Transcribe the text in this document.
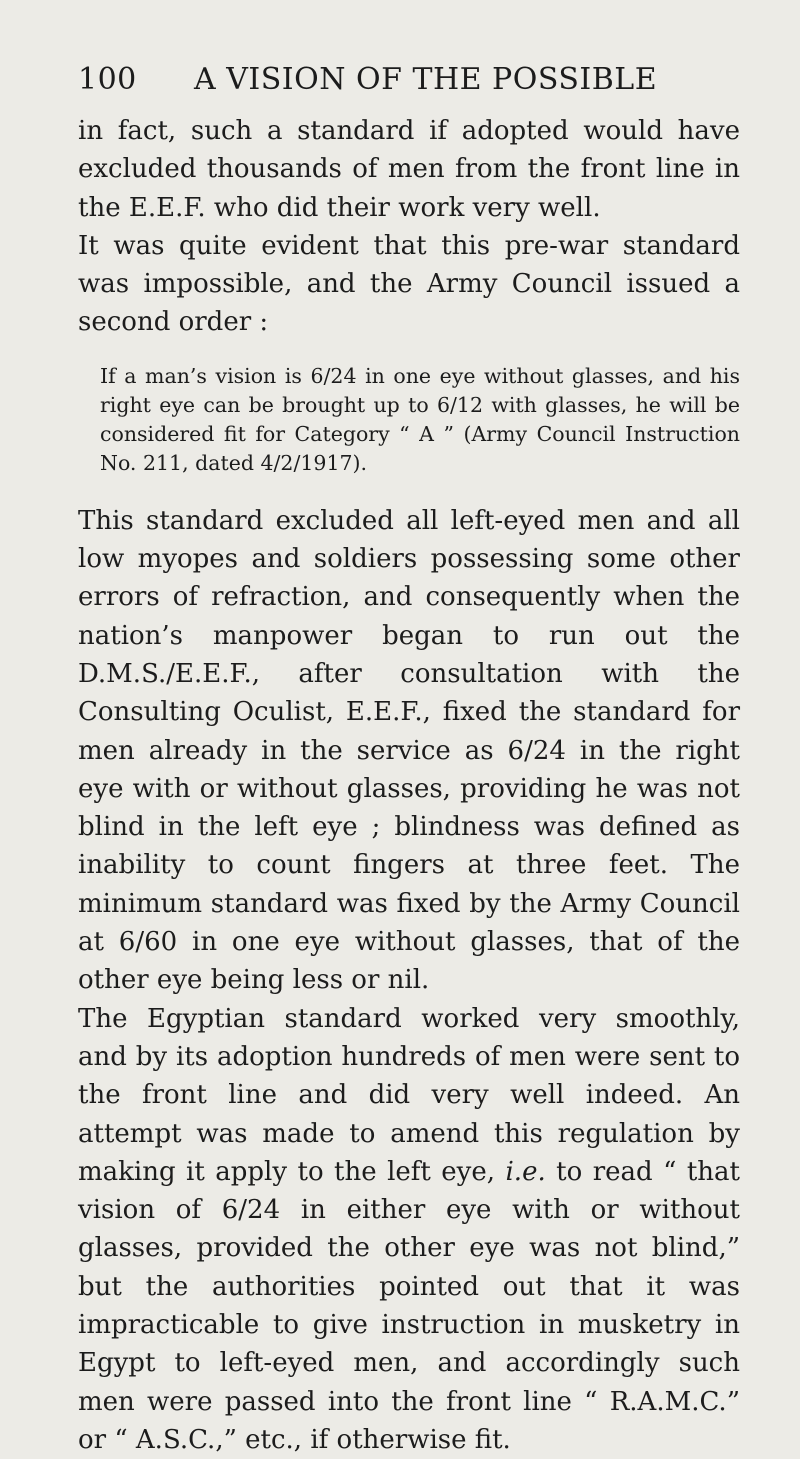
100 A VISION OF THE POSSIBLE

in fact, such a standard if adopted would have excluded thousands of men from the front line in the E.E.F. who did their work very well.

It was quite evident that this pre-war standard was impossible, and the Army Council issued a second order :

If a man’s vision is 6/24 in one eye without glasses, and his right eye can be brought up to 6/12 with glasses, he will be considered fit for Category “ A ” (Army Council Instruction No. 211, dated 4/2/1917).

This standard excluded all left-eyed men and all low myopes and soldiers possessing some other errors of refraction, and consequently when the nation’s manpower began to run out the D.M.S./E.E.F., after consultation with the Consulting Oculist, E.E.F., fixed the standard for men already in the service as 6/24 in the right eye with or without glasses, providing he was not blind in the left eye ; blindness was defined as inability to count fingers at three feet. The minimum standard was fixed by the Army Council at 6/60 in one eye without glasses, that of the other eye being less or nil.

The Egyptian standard worked very smoothly, and by its adoption hundreds of men were sent to the front line and did very well indeed. An attempt was made to amend this regulation by making it apply to the left eye, i.e. to read “ that vision of 6/24 in either eye with or without glasses, provided the other eye was not blind,” but the authorities pointed out that it was impracticable to give instruction in musketry in Egypt to left-eyed men, and accordingly such men were passed into the front line “ R.A.M.C.” or “ A.S.C.,” etc., if otherwise fit.
